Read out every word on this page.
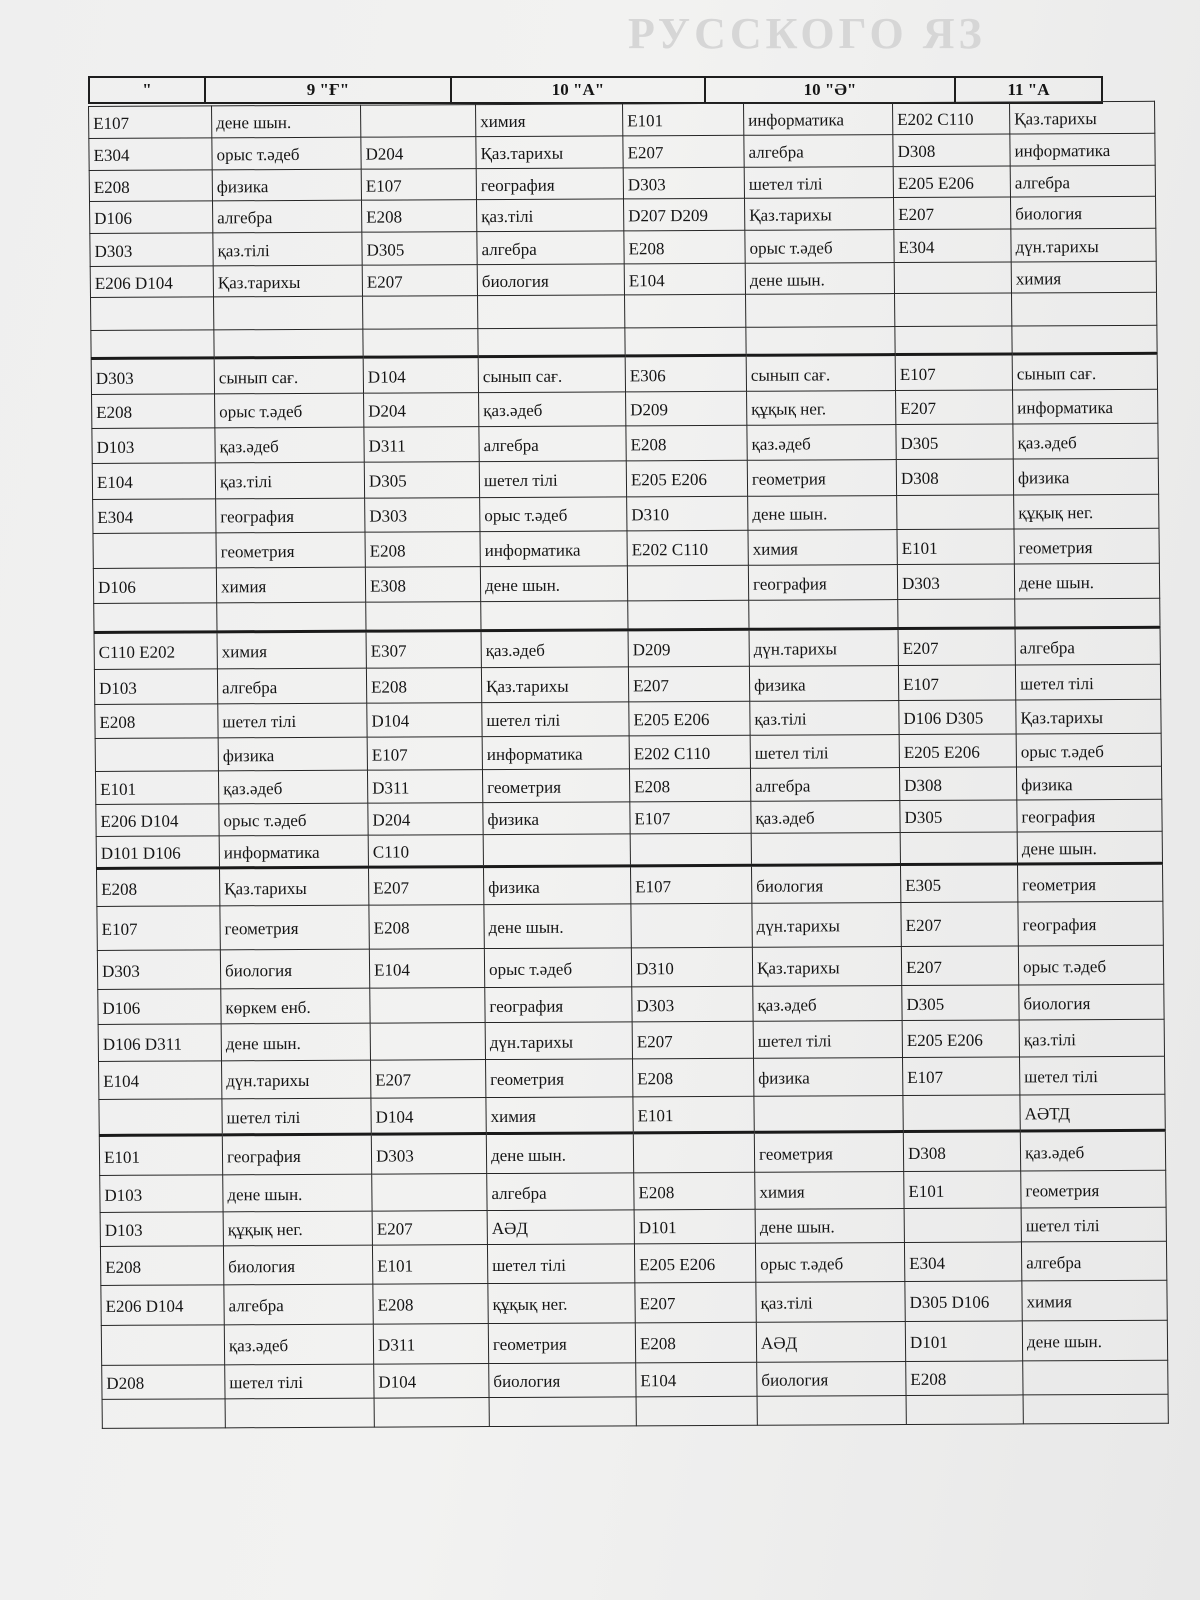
РУССКОГО ЯЗ
"	9 "Ғ"	10 "А"	10 "Ә"	11 "А
E107	дене шын.		химия	E101	информатика	E202 C110	Қаз.тарихы
E304	орыс т.әдеб	D204	Қаз.тарихы	E207	алгебра	D308	информатика
E208	физика	E107	география	D303	шетел тілі	E205 E206	алгебра
D106	алгебра	E208	қаз.тілі	D207 D209	Қаз.тарихы	E207	биология
D303	қаз.тілі	D305	алгебра	E208	орыс т.әдеб	E304	дүн.тарихы
E206 D104	Қаз.тарихы	E207	биология	E104	дене шын.		химия

D303	сынып сағ.	D104	сынып сағ.	E306	сынып сағ.	E107	сынып сағ.
E208	орыс т.әдеб	D204	қаз.әдеб	D209	құқық нег.	E207	информатика
D103	қаз.әдеб	D311	алгебра	E208	қаз.әдеб	D305	қаз.әдеб
E104	қаз.тілі	D305	шетел тілі	E205 E206	геометрия	D308	физика
E304	география	D303	орыс т.әдеб	D310	дене шын.		құқық нег.
	геометрия	E208	информатика	E202 C110	химия	E101	геометрия
D106	химия	E308	дене шын.		география	D303	дене шын.

C110 E202	химия	E307	қаз.әдеб	D209	дүн.тарихы	E207	алгебра
D103	алгебра	E208	Қаз.тарихы	E207	физика	E107	шетел тілі
E208	шетел тілі	D104	шетел тілі	E205 E206	қаз.тілі	D106 D305	Қаз.тарихы
	физика	E107	информатика	E202 C110	шетел тілі	E205 E206	орыс т.әдеб
E101	қаз.әдеб	D311	геометрия	E208	алгебра	D308	физика
E206 D104	орыс т.әдеб	D204	физика	E107	қаз.әдеб	D305	география
D101 D106	информатика	C110					дене шын.
E208	Қаз.тарихы	E207	физика	E107	биология	E305	геометрия
E107	геометрия	E208	дене шын.		дүн.тарихы	E207	география
D303	биология	E104	орыс т.әдеб	D310	Қаз.тарихы	E207	орыс т.әдеб
D106	көркем енб.		география	D303	қаз.әдеб	D305	биология
D106 D311	дене шын.		дүн.тарихы	E207	шетел тілі	E205 E206	қаз.тілі
E104	дүн.тарихы	E207	геометрия	E208	физика	E107	шетел тілі
	шетел тілі	D104	химия	E101			АӘТД
E101	география	D303	дене шын.		геометрия	D308	қаз.әдеб
D103	дене шын.		алгебра	E208	химия	E101	геометрия
D103	құқық нег.	E207	АӘД	D101	дене шын.		шетел тілі
E208	биология	E101	шетел тілі	E205 E206	орыс т.әдеб	E304	алгебра
E206 D104	алгебра	E208	құқық нег.	E207	қаз.тілі	D305 D106	химия
	қаз.әдеб	D311	геометрия	E208	АӘД	D101	дене шын.
D208	шетел тілі	D104	биология	E104	биология	E208	
